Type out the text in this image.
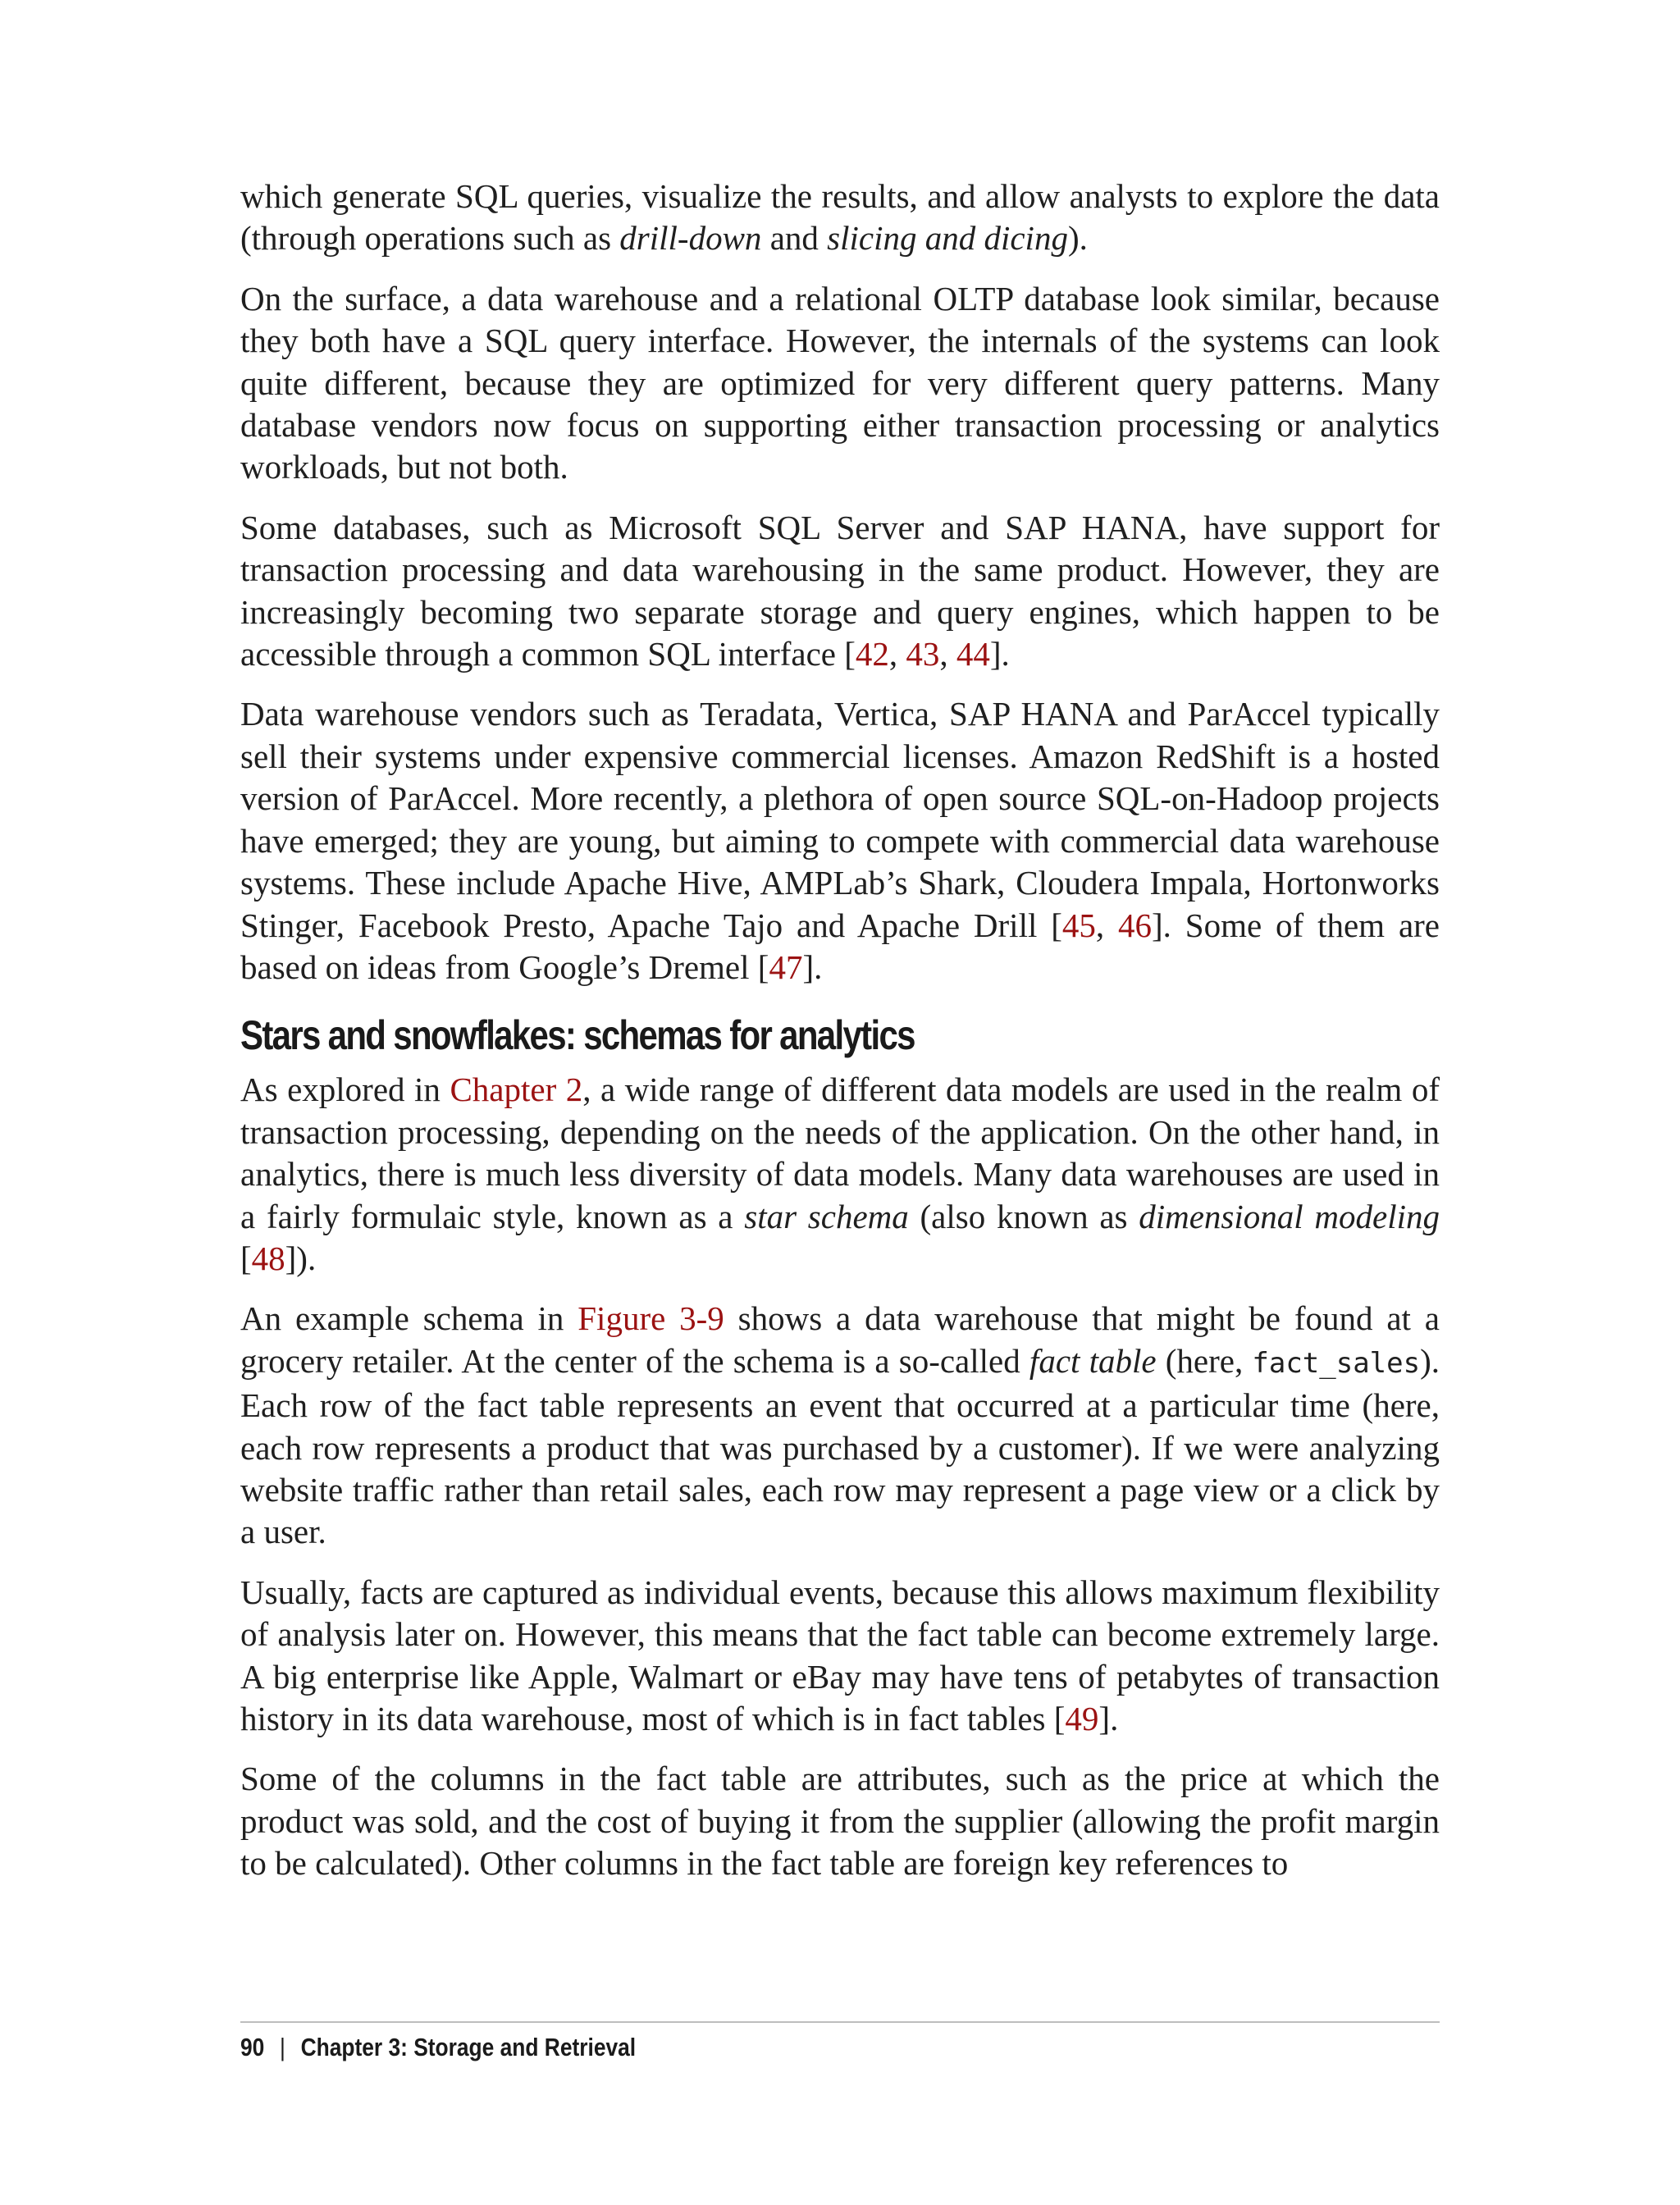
which generate SQL queries, visualize the results, and allow analysts to explore the data (through operations such as drill-down and slicing and dicing).

On the surface, a data warehouse and a relational OLTP database look similar, because they both have a SQL query interface. However, the internals of the systems can look quite different, because they are optimized for very different query patterns. Many database vendors now focus on supporting either transaction processing or analytics workloads, but not both.

Some databases, such as Microsoft SQL Server and SAP HANA, have support for transaction processing and data warehousing in the same product. However, they are increasingly becoming two separate storage and query engines, which happen to be accessible through a common SQL interface [42, 43, 44].

Data warehouse vendors such as Teradata, Vertica, SAP HANA and ParAccel typically sell their systems under expensive commercial licenses. Amazon RedShift is a hosted version of ParAccel. More recently, a plethora of open source SQL-on-Hadoop projects have emerged; they are young, but aiming to compete with commercial data warehouse systems. These include Apache Hive, AMPLab’s Shark, Cloudera Impala, Hortonworks Stinger, Facebook Presto, Apache Tajo and Apache Drill [45, 46]. Some of them are based on ideas from Google’s Dremel [47].

Stars and snowflakes: schemas for analytics

As explored in Chapter 2, a wide range of different data models are used in the realm of transaction processing, depending on the needs of the application. On the other hand, in analytics, there is much less diversity of data models. Many data warehouses are used in a fairly formulaic style, known as a star schema (also known as dimensional modeling [48]).

An example schema in Figure 3-9 shows a data warehouse that might be found at a grocery retailer. At the center of the schema is a so-called fact table (here, fact_sales). Each row of the fact table represents an event that occurred at a particular time (here, each row represents a product that was purchased by a customer). If we were analyzing website traffic rather than retail sales, each row may represent a page view or a click by a user.

Usually, facts are captured as individual events, because this allows maximum flexibility of analysis later on. However, this means that the fact table can become extremely large. A big enterprise like Apple, Walmart or eBay may have tens of petabytes of transaction history in its data warehouse, most of which is in fact tables [49].

Some of the columns in the fact table are attributes, such as the price at which the product was sold, and the cost of buying it from the supplier (allowing the profit margin to be calculated). Other columns in the fact table are foreign key references to

90 | Chapter 3: Storage and Retrieval
